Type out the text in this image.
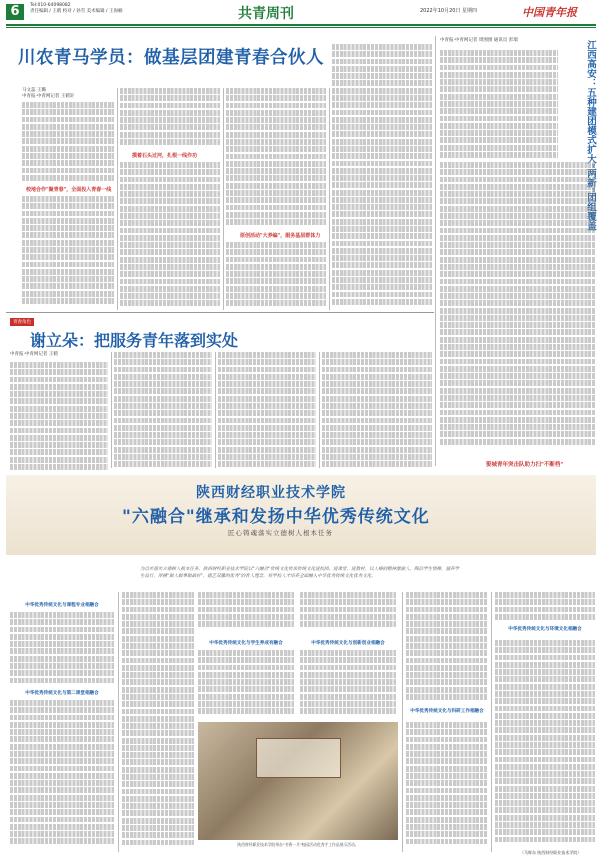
6	Tel:010-64098082
责任编辑 / 王鹤 校对 / 孙雪 美术编辑 / 王海楠	共青周刊	2022年10月20日 星期四	中国青年报
川农青马学员：做基层团建青春合伙人
马文蕊 王璐
中青报·中青网记者 王鹤轩
校地合作"聚青春"，全面投入青春一线
摸着石头过河，扎根一线作功
原创活动"大养编"，服务基层群体力
江西高安：五种建团模式扩大"两新"团组覆盖
中青报·中青网记者 周围围 通讯员 彭瑞
娶城青年突击队助力扫"不断档"
青春角色
谢立朵：把服务青年落到实处
中青报·中青网记者 王鹤
陕西财经职业技术学院
"六融合"继承和发扬中华优秀传统文化
匠心铸魂落实立德树人根本任务
为以实落实立德树人根本任务，陕西财经职业技术学院以"六融合"传统文化传承传统文化进校园、进课堂、进教材，以人格的精神激励人，陶冶学生情操，涵养学生品行，厚植"做人做事做最好"、德艺双馨的优秀"的育人理念，将学校人才培养全面融入中华优秀传统文化优秀文化。
中华优秀传统文化与课程专业相融合
中华优秀传统文化与第二课堂相融合
中华优秀传统文化与学生养成有融合	中华优秀传统文化与创新创业相融合
陕西财经职业技术学院举办"书香一月"校园活动优秀手工作品展示活动。
中华优秀传统文化与科研工作相融合
中华优秀传统文化与环境文化相融合
（马辉东 陕西财经职业技术学院）
